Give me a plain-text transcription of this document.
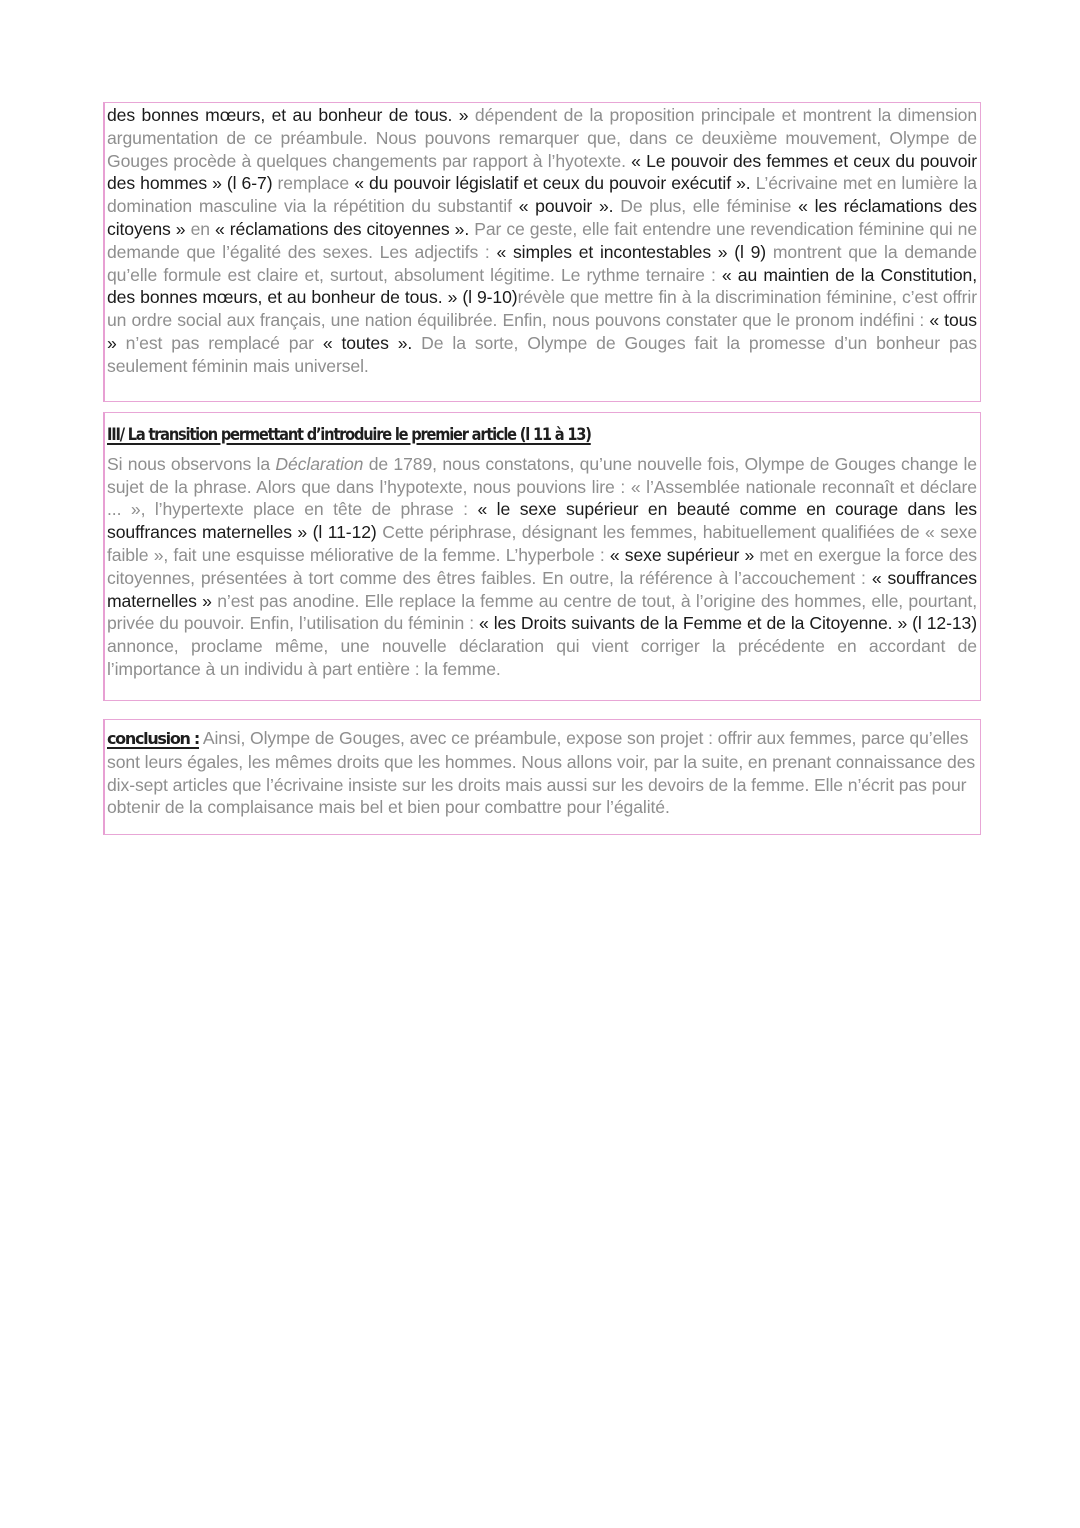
des bonnes mœurs, et au bonheur de tous. » dépendent de la proposition principale et montrent la dimension argumentation de ce préambule. Nous pouvons remarquer que, dans ce deuxième mouvement, Olympe de Gouges procède à quelques changements par rapport à l’hyotexte. « Le pouvoir des femmes et ceux du pouvoir des hommes » (l 6-7) remplace « du pouvoir législatif et ceux du pouvoir exécutif ». L’écrivaine met en lumière la domination masculine via la répétition du substantif « pouvoir ». De plus, elle féminise « les réclamations des citoyens » en « réclamations des citoyennes ». Par ce geste, elle fait entendre une revendication féminine qui ne demande que l’égalité des sexes. Les adjectifs : « simples et incontestables » (l 9) montrent que la demande qu’elle formule est claire et, surtout, absolument légitime. Le rythme ternaire : « au maintien de la Constitution, des bonnes mœurs, et au bonheur de tous. » (l 9-10)révèle que mettre fin à la discrimination féminine, c’est offrir un ordre social aux français, une nation équilibrée. Enfin, nous pouvons constater que le pronom indéfini : « tous » n’est pas remplacé par « toutes ». De la sorte, Olympe de Gouges fait la promesse d’un bonheur pas seulement féminin mais universel.

III/ La transition permettant d’introduire le premier article (l 11 à 13)

Si nous observons la Déclaration de 1789, nous constatons, qu’une nouvelle fois, Olympe de Gouges change le sujet de la phrase. Alors que dans l’hypotexte, nous pouvions lire : « l’Assemblée nationale reconnaît et déclare ... », l’hypertexte place en tête de phrase : « le sexe supérieur en beauté comme en courage dans les souffrances maternelles » (l 11-12) Cette périphrase, désignant les femmes, habituellement qualifiées de « sexe faible », fait une esquisse méliorative de la femme. L’hyperbole : « sexe supérieur » met en exergue la force des citoyennes, présentées à tort comme des êtres faibles. En outre, la référence à l’accouchement : « souffrances maternelles » n’est pas anodine. Elle replace la femme au centre de tout, à l’origine des hommes, elle, pourtant, privée du pouvoir. Enfin, l’utilisation du féminin : « les Droits suivants de la Femme et de la Citoyenne. » (l 12-13) annonce, proclame même, une nouvelle déclaration qui vient corriger la précédente en accordant de l’importance à un individu à part entière : la femme.

conclusion : Ainsi, Olympe de Gouges, avec ce préambule, expose son projet : offrir aux femmes, parce qu’elles sont leurs égales, les mêmes droits que les hommes. Nous allons voir, par la suite, en prenant connaissance des dix-sept articles que l’écrivaine insiste sur les droits mais aussi sur les devoirs de la femme. Elle n’écrit pas pour obtenir de la complaisance mais bel et bien pour combattre pour l’égalité.
